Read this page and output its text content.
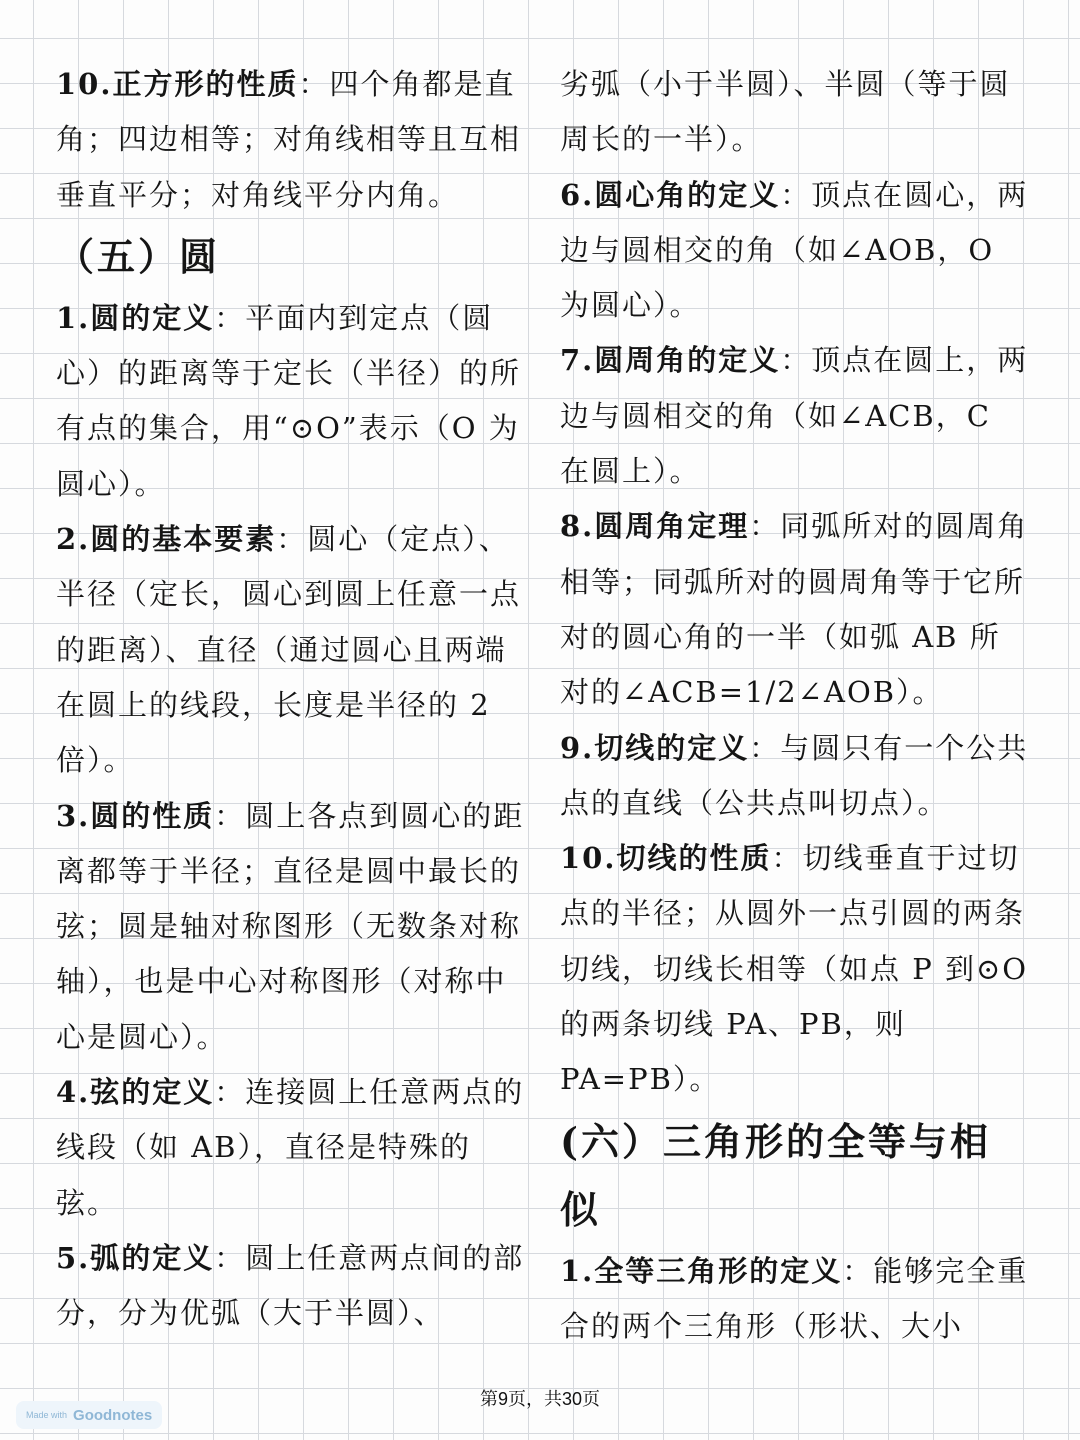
10.正方形的性质：四个角都是直角；四边相等；对角线相等且互相垂直平分；对角线平分内角。

（五）圆

1.圆的定义：平面内到定点（圆心）的距离等于定长（半径）的所有点的集合，用“⊙O”表示（O 为圆心）。

2.圆的基本要素：圆心（定点）、半径（定长，圆心到圆上任意一点的距离）、直径（通过圆心且两端在圆上的线段，长度是半径的 2 倍）。

3.圆的性质：圆上各点到圆心的距离都等于半径；直径是圆中最长的弦；圆是轴对称图形（无数条对称轴），也是中心对称图形（对称中心是圆心）。

4.弦的定义：连接圆上任意两点的线段（如 AB），直径是特殊的弦。

5.弧的定义：圆上任意两点间的部分，分为优弧（大于半圆）、

劣弧（小于半圆）、半圆（等于圆周长的一半）。

6.圆心角的定义：顶点在圆心，两边与圆相交的角（如∠AOB，O 为圆心）。

7.圆周角的定义：顶点在圆上，两边与圆相交的角（如∠ACB，C 在圆上）。

8.圆周角定理：同弧所对的圆周角相等；同弧所对的圆周角等于它所对的圆心角的一半（如弧 AB 所对的∠ACB=1/2∠AOB）。

9.切线的定义：与圆只有一个公共点的直线（公共点叫切点）。

10.切线的性质：切线垂直于过切点的半径；从圆外一点引圆的两条切线，切线长相等（如点 P 到⊙O 的两条切线 PA、PB，则 PA=PB）。

(六）三角形的全等与相似

1.全等三角形的定义：能够完全重合的两个三角形（形状、大小

第9页，共30页
Made with Goodnotes
